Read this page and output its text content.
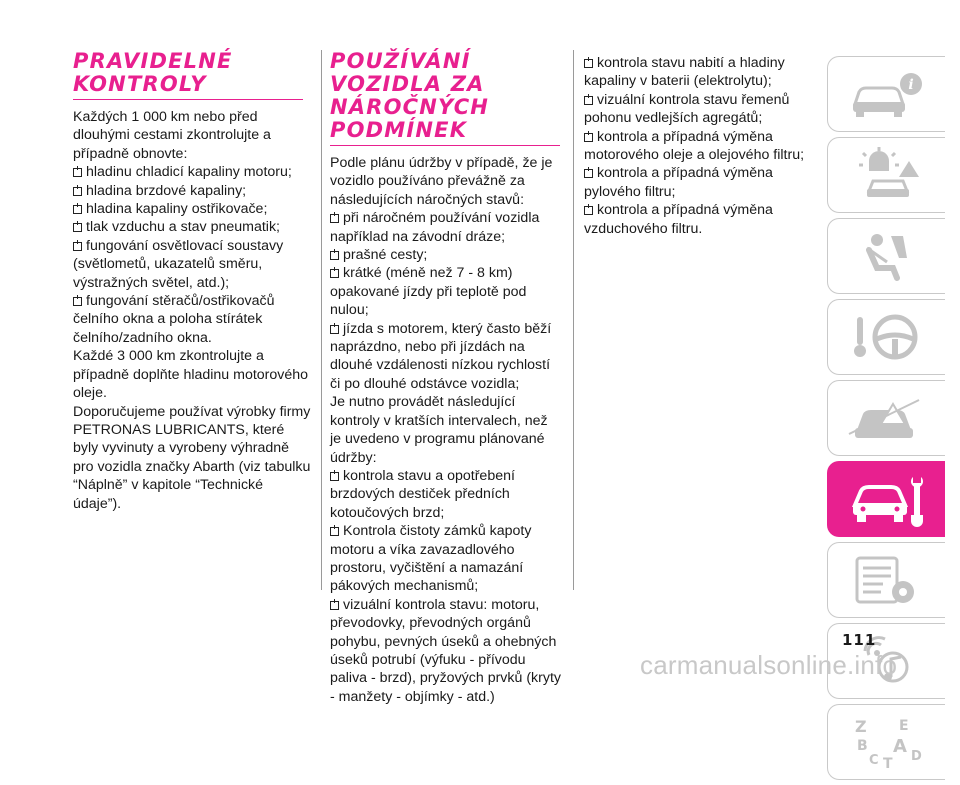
PRAVIDELNÉ KONTROLY

Každých 1 000 km nebo před dlouhými cestami zkontrolujte a případně obnovte:

hladinu chladicí kapaliny motoru;

hladina brzdové kapaliny;

hladina kapaliny ostřikovače;

tlak vzduchu a stav pneumatik;

fungování osvětlovací soustavy (světlometů, ukazatelů směru, výstražných světel, atd.);

fungování stěračů/ostřikovačů čelního okna a poloha stírátek čelního/zadního okna.

Každé 3 000 km zkontrolujte a případně doplňte hladinu motorového oleje.

Doporučujeme používat výrobky firmy PETRONAS LUBRICANTS, které byly vyvinuty a vyrobeny výhradně pro vozidla značky Abarth (viz tabulku “Náplně” v kapitole “Technické údaje”).

POUŽÍVÁNÍ VOZIDLA ZA NÁROČNÝCH PODMÍNEK

Podle plánu údržby v případě, že je vozidlo používáno převážně za následujících náročných stavů:

při náročném používání vozidla například na závodní dráze;

prašné cesty;

krátké (méně než 7 - 8 km) opakované jízdy při teplotě pod nulou;

jízda s motorem, který často běží naprázdno, nebo při jízdách na dlouhé vzdálenosti nízkou rychlostí či po dlouhé odstávce vozidla;

Je nutno provádět následující kontroly v kratších intervalech, než je uvedeno v programu plánované údržby:

kontrola stavu a opotřebení brzdových destiček předních kotoučových brzd;

Kontrola čistoty zámků kapoty motoru a víka zavazadlového prostoru, vyčištění a namazání pákových mechanismů;

vizuální kontrola stavu: motoru, převodovky, převodných orgánů pohybu, pevných úseků a ohebných úseků potrubí (výfuku - přívodu paliva - brzd), pryžových prvků (kryty - manžety - objímky - atd.)

kontrola stavu nabití a hladiny kapaliny v baterii (elektrolytu);

vizuální kontrola stavu řemenů pohonu vedlejších agregátů;

kontrola a případná výměna motorového oleje a olejového filtru;

kontrola a případná výměna pylového filtru;

kontrola a případná výměna vzduchového filtru.

i
Z E
B A
C T D
111
carmanualsonline.info
